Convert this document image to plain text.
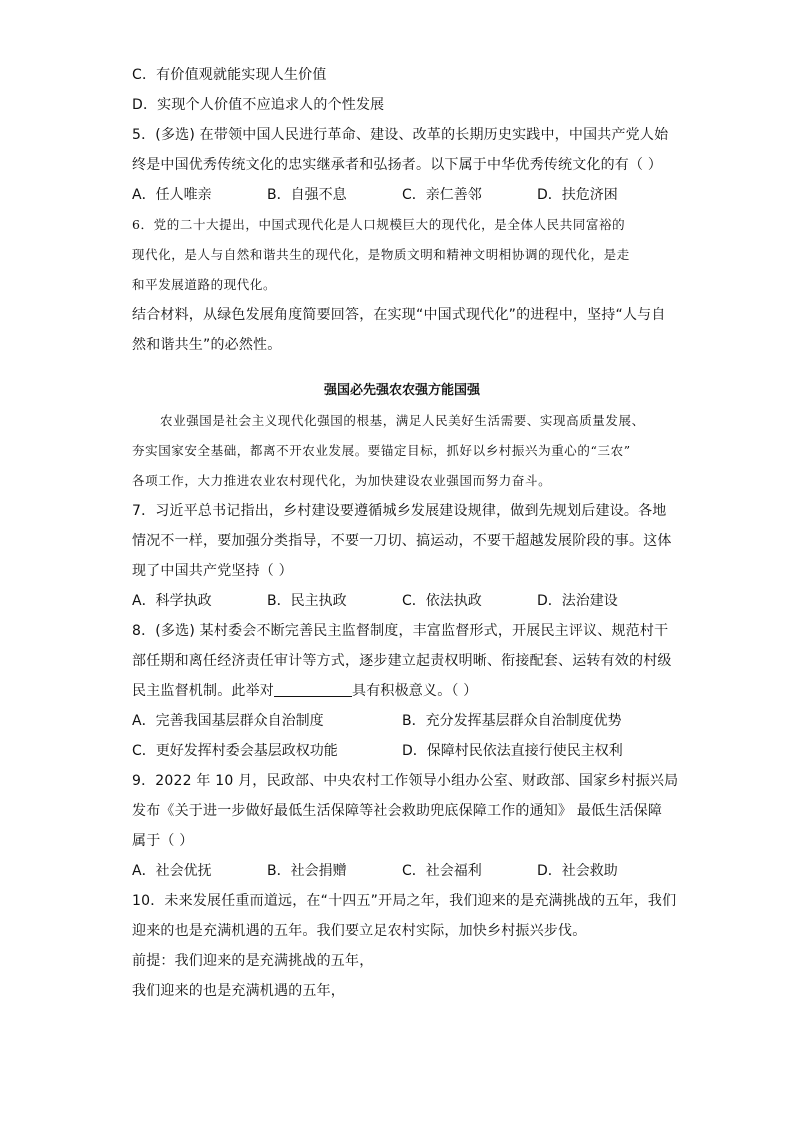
C．有价值观就能实现人生价值
D．实现个人价值不应追求人的个性发展
5．(多选) 在带领中国人民进行革命、建设、改革的长期历史实践中，中国共产党人始
终是中国优秀传统文化的忠实继承者和弘扬者。以下属于中华优秀传统文化的有（ ）
A．任人唯亲	B．自强不息	C．亲仁善邻	D．扶危济困
6．党的二十大提出，中国式现代化是人口规模巨大的现代化，是全体人民共同富裕的
现代化，是人与自然和谐共生的现代化，是物质文明和精神文明相协调的现代化，是走
和平发展道路的现代化。
结合材料，从绿色发展角度简要回答，在实现“中国式现代化”的进程中，坚持“人与自
然和谐共生”的必然性。
强国必先强农农强方能国强
农业强国是社会主义现代化强国的根基，满足人民美好生活需要、实现高质量发展、
夯实国家安全基础，都离不开农业发展。要锚定目标，抓好以乡村振兴为重心的“三农”
各项工作，大力推进农业农村现代化，为加快建设农业强国而努力奋斗。
7．习近平总书记指出，乡村建设要遵循城乡发展建设规律，做到先规划后建设。各地
情况不一样，要加强分类指导，不要一刀切、搞运动，不要干超越发展阶段的事。这体
现了中国共产党坚持（ ）
A．科学执政	B．民主执政	C．依法执政	D．法治建设
8．(多选) 某村委会不断完善民主监督制度，丰富监督形式，开展民主评议、规范村干
部任期和离任经济责任审计等方式，逐步建立起责权明晰、衔接配套、运转有效的村级
民主监督机制。此举对	具有积极意义。（ ）
A．完善我国基层群众自治制度	B．充分发挥基层群众自治制度优势
C．更好发挥村委会基层政权功能	D．保障村民依法直接行使民主权利
9．2022 年 10 月，民政部、中央农村工作领导小组办公室、财政部、国家乡村振兴局
发布《关于进一步做好最低生活保障等社会救助兜底保障工作的通知》 最低生活保障
属于（ ）
A．社会优抚	B．社会捐赠	C．社会福利	D．社会救助
10．未来发展任重而道远，在“十四五”开局之年，我们迎来的是充满挑战的五年，我们
迎来的也是充满机遇的五年。我们要立足农村实际，加快乡村振兴步伐。
前提：我们迎来的是充满挑战的五年，
我们迎来的也是充满机遇的五年，
